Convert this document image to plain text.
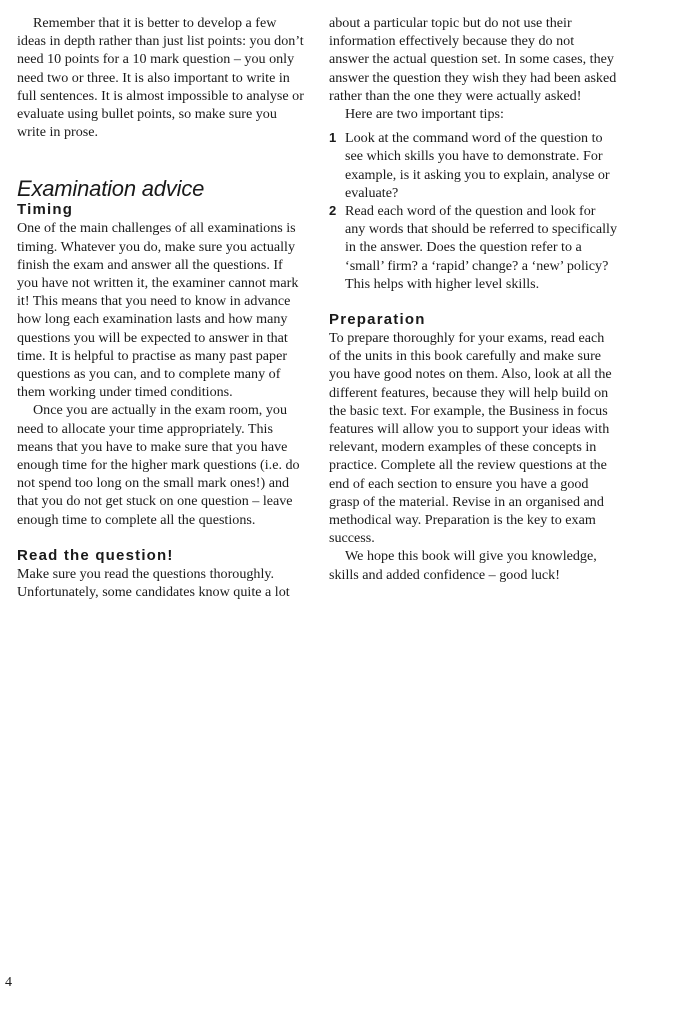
Remember that it is better to develop a few ideas in depth rather than just list points: you don’t need 10 points for a 10 mark question – you only need two or three. It is also important to write in full sentences. It is almost impossible to analyse or evaluate using bullet points, so make sure you write in prose.

Examination advice
Timing

One of the main challenges of all examinations is timing. Whatever you do, make sure you actually finish the exam and answer all the questions. If you have not written it, the examiner cannot mark it! This means that you need to know in advance how long each examination lasts and how many questions you will be expected to answer in that time. It is helpful to practise as many past paper questions as you can, and to complete many of them working under timed conditions.

Once you are actually in the exam room, you need to allocate your time appropriately. This means that you have to make sure that you have enough time for the higher mark questions (i.e. do not spend too long on the small mark ones!) and that you do not get stuck on one question – leave enough time to complete all the questions.

Read the question!

Make sure you read the questions thoroughly. Unfortunately, some candidates know quite a lot

about a particular topic but do not use their information effectively because they do not answer the actual question set. In some cases, they answer the question they wish they had been asked rather than the one they were actually asked!

Here are two important tips:

1 Look at the command word of the question to see which skills you have to demonstrate. For example, is it asking you to explain, analyse or evaluate?
2 Read each word of the question and look for any words that should be referred to specifically in the answer. Does the question refer to a ‘small’ firm? a ‘rapid’ change? a ‘new’ policy? This helps with higher level skills.
Preparation

To prepare thoroughly for your exams, read each of the units in this book carefully and make sure you have good notes on them. Also, look at all the different features, because they will help build on the basic text. For example, the Business in focus features will allow you to support your ideas with relevant, modern examples of these concepts in practice. Complete all the review questions at the end of each section to ensure you have a good grasp of the material. Revise in an organised and methodical way. Preparation is the key to exam success.

We hope this book will give you knowledge, skills and added confidence – good luck!

4
